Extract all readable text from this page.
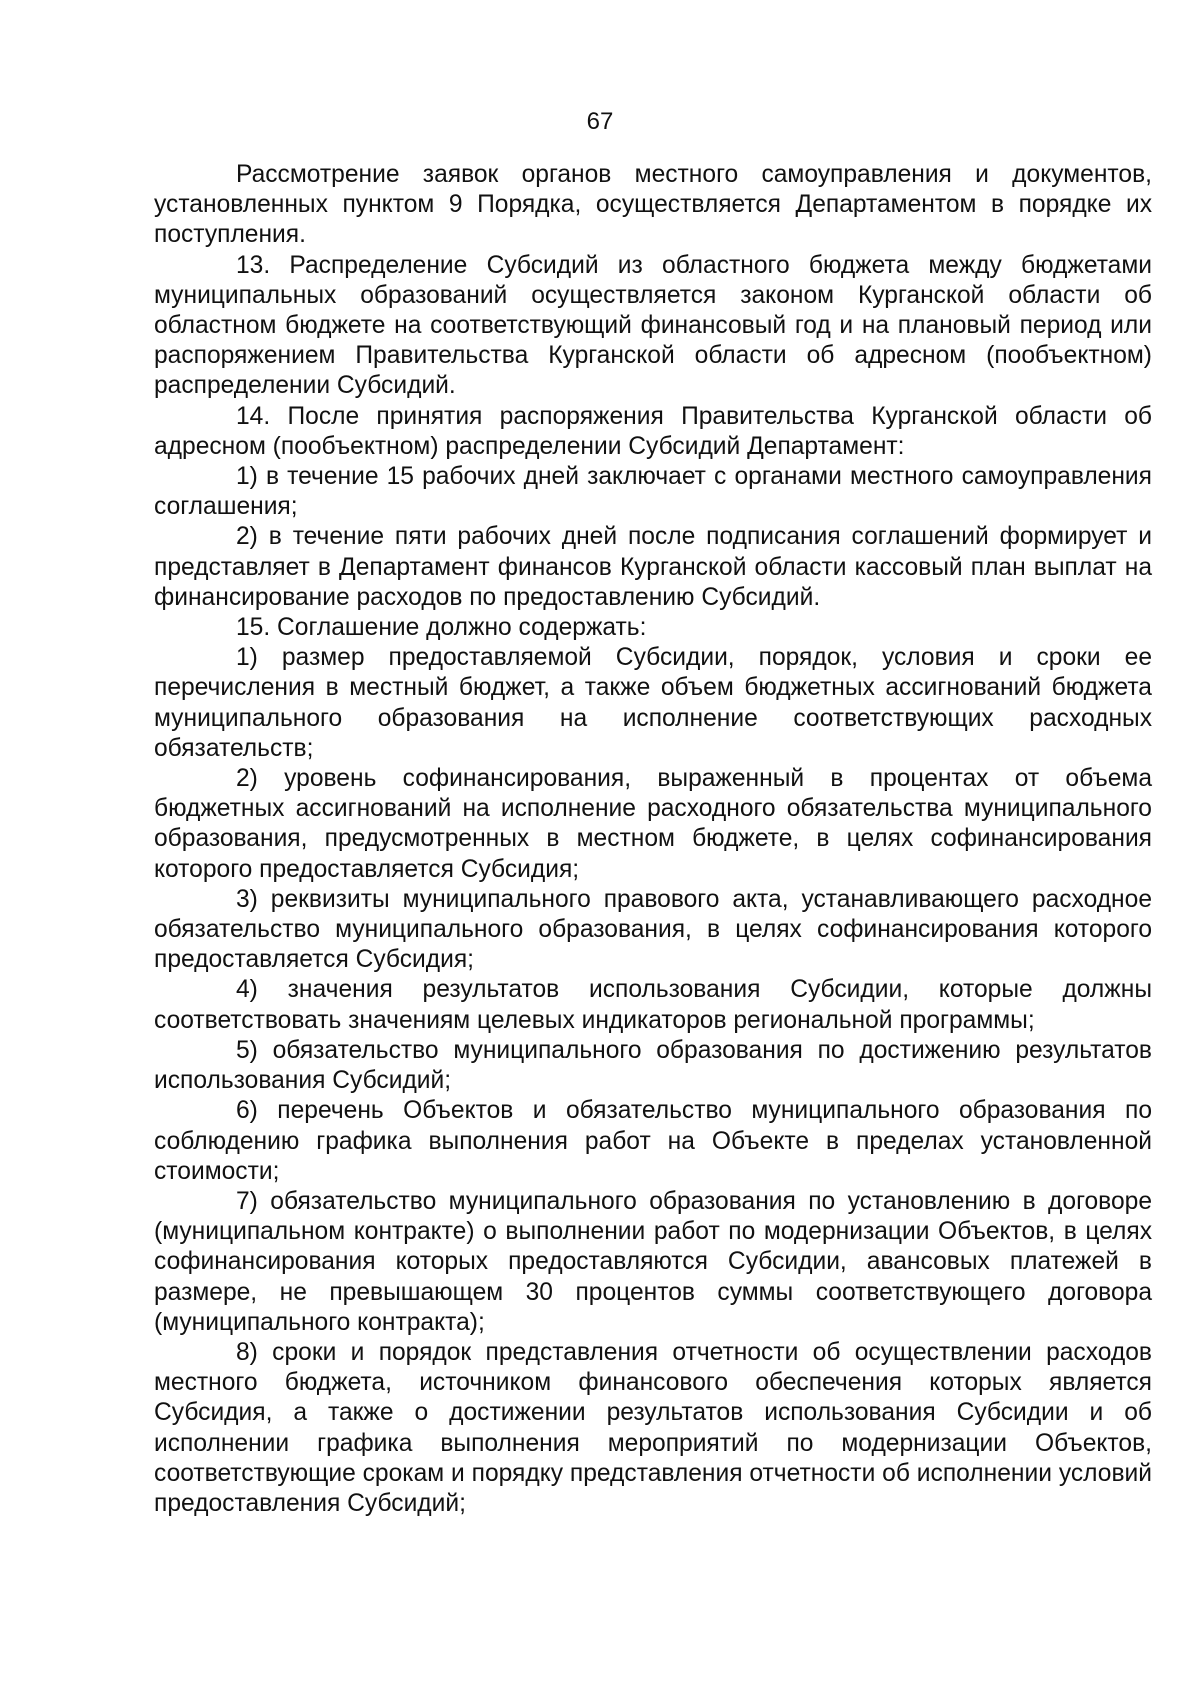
67

Рассмотрение заявок органов местного самоуправления и документов, установленных пунктом 9 Порядка, осуществляется Департаментом в порядке их поступления.

13. Распределение Субсидий из областного бюджета между бюджетами муниципальных образований осуществляется законом Курганской области об областном бюджете на соответствующий финансовый год и на плановый период или распоряжением Правительства Курганской области об адресном (пообъектном) распределении Субсидий.

14. После принятия распоряжения Правительства Курганской области об адресном (пообъектном) распределении Субсидий Департамент:

1) в течение 15 рабочих дней заключает с органами местного самоуправления соглашения;

2) в течение пяти рабочих дней после подписания соглашений формирует и представляет в Департамент финансов Курганской области кассовый план выплат на финансирование расходов по предоставлению Субсидий.

15. Соглашение должно содержать:

1) размер предоставляемой Субсидии, порядок, условия и сроки ее перечисления в местный бюджет, а также объем бюджетных ассигнований бюджета муниципального образования на исполнение соответствующих расходных обязательств;

2) уровень софинансирования, выраженный в процентах от объема бюджетных ассигнований на исполнение расходного обязательства муниципального образования, предусмотренных в местном бюджете, в целях софинансирования которого предоставляется Субсидия;

3) реквизиты муниципального правового акта, устанавливающего расходное обязательство муниципального образования, в целях софинансирования которого предоставляется Субсидия;

4) значения результатов использования Субсидии, которые должны соответствовать значениям целевых индикаторов региональной программы;

5) обязательство муниципального образования по достижению результатов использования Субсидий;

6) перечень Объектов и обязательство муниципального образования по соблюдению графика выполнения работ на Объекте в пределах установленной стоимости;

7) обязательство муниципального образования по установлению в договоре (муниципальном контракте) о выполнении работ по модернизации Объектов, в целях софинансирования которых предоставляются Субсидии, авансовых платежей в размере, не превышающем 30 процентов суммы соответствующего договора (муниципального контракта);

8) сроки и порядок представления отчетности об осуществлении расходов местного бюджета, источником финансового обеспечения которых является Субсидия, а также о достижении результатов использования Субсидии и об исполнении графика выполнения мероприятий по модернизации Объектов, соответствующие срокам и порядку представления отчетности об исполнении условий предоставления Субсидий;
